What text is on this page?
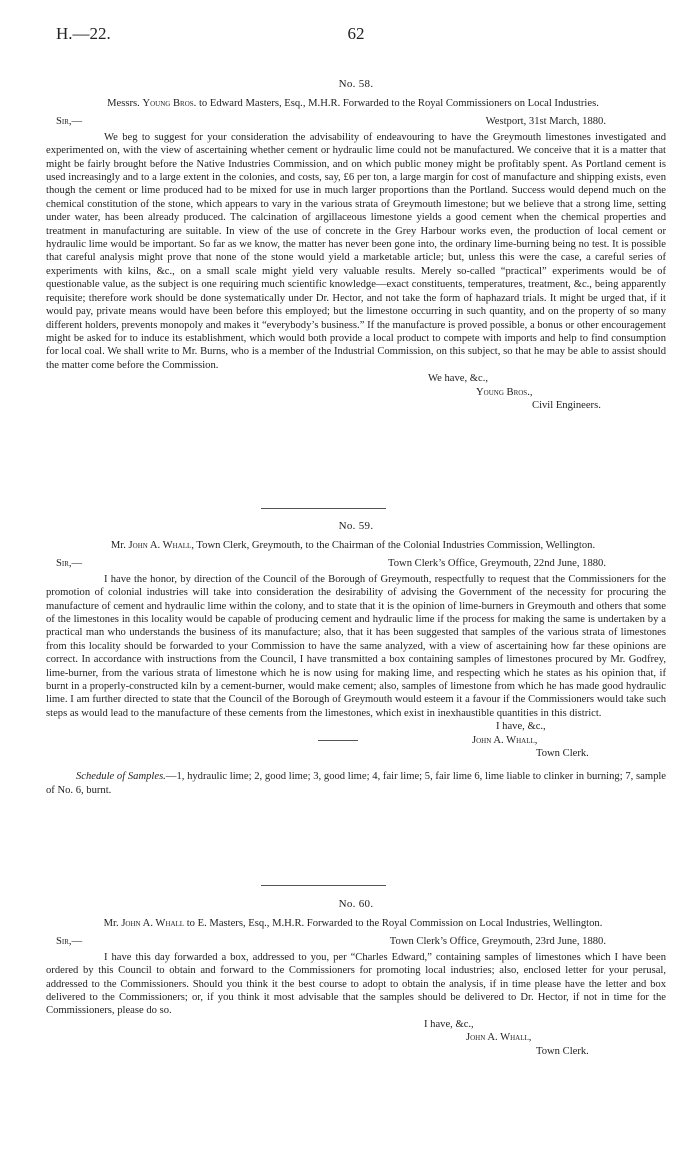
H.—22.	62
No. 58.
Messrs. Young Bros. to Edward Masters, Esq., M.H.R. Forwarded to the Royal Commissioners on Local Industries.
Sir,—	Westport, 31st March, 1880.

We beg to suggest for your consideration the advisability of endeavouring to have the Greymouth limestones investigated and experimented on, with the view of ascertaining whether cement or hydraulic lime could not be manufactured. We conceive that it is a matter that might be fairly brought before the Native Industries Commission, and on which public money might be profitably spent. As Portland cement is used increasingly and to a large extent in the colonies, and costs, say, £6 per ton, a large margin for cost of manufacture and shipping exists, even though the cement or lime produced had to be mixed for use in much larger proportions than the Portland. Success would depend much on the chemical constitution of the stone, which appears to vary in the various strata of Greymouth limestone; but we believe that a strong lime, setting under water, has been already produced. The calcination of argillaceous limestone yields a good cement when the chemical properties and treatment in manufacturing are suitable. In view of the use of concrete in the Grey Harbour works even, the production of local cement or hydraulic lime would be important. So far as we know, the matter has never been gone into, the ordinary lime-burning being no test. It is possible that careful analysis might prove that none of the stone would yield a marketable article; but, unless this were the case, a careful series of experiments with kilns, &c., on a small scale might yield very valuable results. Merely so-called “practical” experiments would be of questionable value, as the subject is one requiring much scientific knowledge—exact constituents, temperatures, treatment, &c., being apparently requisite; therefore work should be done systematically under Dr. Hector, and not take the form of haphazard trials. It might be urged that, if it would pay, private means would have been before this employed; but the limestone occurring in such quantity, and on the property of so many different holders, prevents monopoly and makes it “everybody’s business.” If the manufacture is proved possible, a bonus or other encouragement might be asked for to induce its establishment, which would both provide a local product to compete with imports and help to find consumption for local coal. We shall write to Mr. Burns, who is a member of the Industrial Commission, on this subject, so that he may be able to assist should the matter come before the Commission.

We have, &c.,
Young Bros.,
Civil Engineers.
No. 59.
Mr. John A. Whall, Town Clerk, Greymouth, to the Chairman of the Colonial Industries Commission, Wellington.
Sir,—	Town Clerk’s Office, Greymouth, 22nd June, 1880.

I have the honor, by direction of the Council of the Borough of Greymouth, respectfully to request that the Commissioners for the promotion of colonial industries will take into consideration the desirability of advising the Government of the necessity for procuring the manufacture of cement and hydraulic lime within the colony, and to state that it is the opinion of lime-burners in Greymouth and others that some of the limestones in this locality would be capable of producing cement and hydraulic lime if the process for making the same is undertaken by a practical man who understands the business of its manufacture; also, that it has been suggested that samples of the various strata of limestones from this locality should be forwarded to your Commission to have the same analyzed, with a view of ascertaining how far these opinions are correct. In accordance with instructions from the Council, I have transmitted a box containing samples of limestones procured by Mr. Godfrey, lime-burner, from the various strata of limestone which he is now using for making lime, and respecting which he states as his opinion that, if burnt in a properly-constructed kiln by a cement-burner, would make cement; also, samples of limestone from which he has made good hydraulic lime. I am further directed to state that the Council of the Borough of Greymouth would esteem it a favour if the Commissioners would take such steps as would lead to the manufacture of these cements from the limestones, which exist in inexhaustible quantities in this district.

I have, &c.,
John A. Whall,
Town Clerk.

Schedule of Samples.—1, hydraulic lime; 2, good lime; 3, good lime; 4, fair lime; 5, fair lime 6, lime liable to clinker in burning; 7, sample of No. 6, burnt.

No. 60.
Mr. John A. Whall to E. Masters, Esq., M.H.R. Forwarded to the Royal Commission on Local Industries, Wellington.
Sir,—	Town Clerk’s Office, Greymouth, 23rd June, 1880.

I have this day forwarded a box, addressed to you, per “Charles Edward,” containing samples of limestones which I have been ordered by this Council to obtain and forward to the Commissioners for promoting local industries; also, enclosed letter for your perusal, addressed to the Commissioners. Should you think it the best course to adopt to obtain the analysis, if in time please have the letter and box delivered to the Commissioners; or, if you think it most advisable that the samples should be delivered to Dr. Hector, if not in time for the Commissioners, please do so.

I have, &c.,
John A. Whall,
Town Clerk.
